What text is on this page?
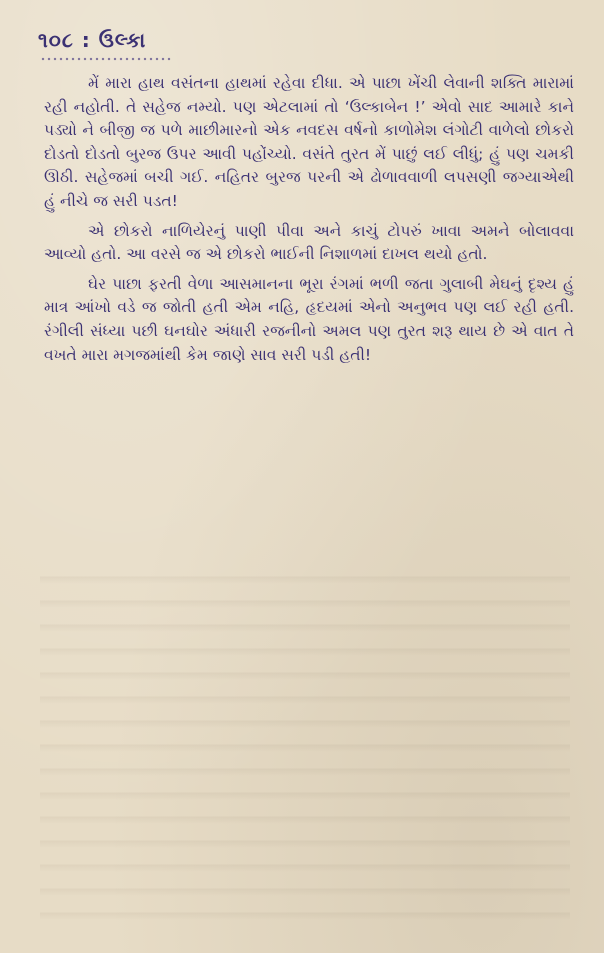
૧૦૮ : ઉલ્કા

મેં મારા હાથ વસંતના હાથમાં રહેવા દીધા. એ પાછા ખેંચી લેવાની શક્તિ મારામાં રહી નહોતી. તે સહેજ નમ્યો. પણ એટલામાં તો ‘ઉલ્કાબેન !’ એવો સાદ આમારે કાને પડ્યો ને બીજી જ પળે માછીમારનો એક નવદસ વર્ષનો કાળોમેશ લંગોટી વાળેલો છોકરો દોડતો દોડતો બુરજ ઉપર આવી પહોંચ્યો. વસંતે તુરત મેં પાછું લઈ લીધું; હું પણ ચમકી ઊઠી. સહેજમાં બચી ગઈ. નહિતર બુરજ પરની એ ઢોળાવવાળી લપસણી જગ્યાએથી હું નીચે જ સરી પડત!

એ છોકરો નાળિયેરનું પાણી પીવા અને કાચું ટોપરું ખાવા અમને બોલાવવા આવ્યો હતો. આ વરસે જ એ છોકરો ભાઈની નિશાળમાં દાખલ થયો હતો.

ઘેર પાછા ફરતી વેળા આસમાનના ભૂરા રંગમાં ભળી જતા ગુલાબી મેઘનું દૃશ્ય હું માત્ર આંખો વડે જ જોતી હતી એમ નહિ, હૃદયમાં એનો અનુભવ પણ લઈ રહી હતી. રંગીલી સંધ્યા પછી ઘનઘોર અંધારી રજનીનો અમલ પણ તુરત શરૂ થાય છે એ વાત તે વખતે મારા મગજમાંથી કેમ જાણે સાવ સરી પડી હતી!
